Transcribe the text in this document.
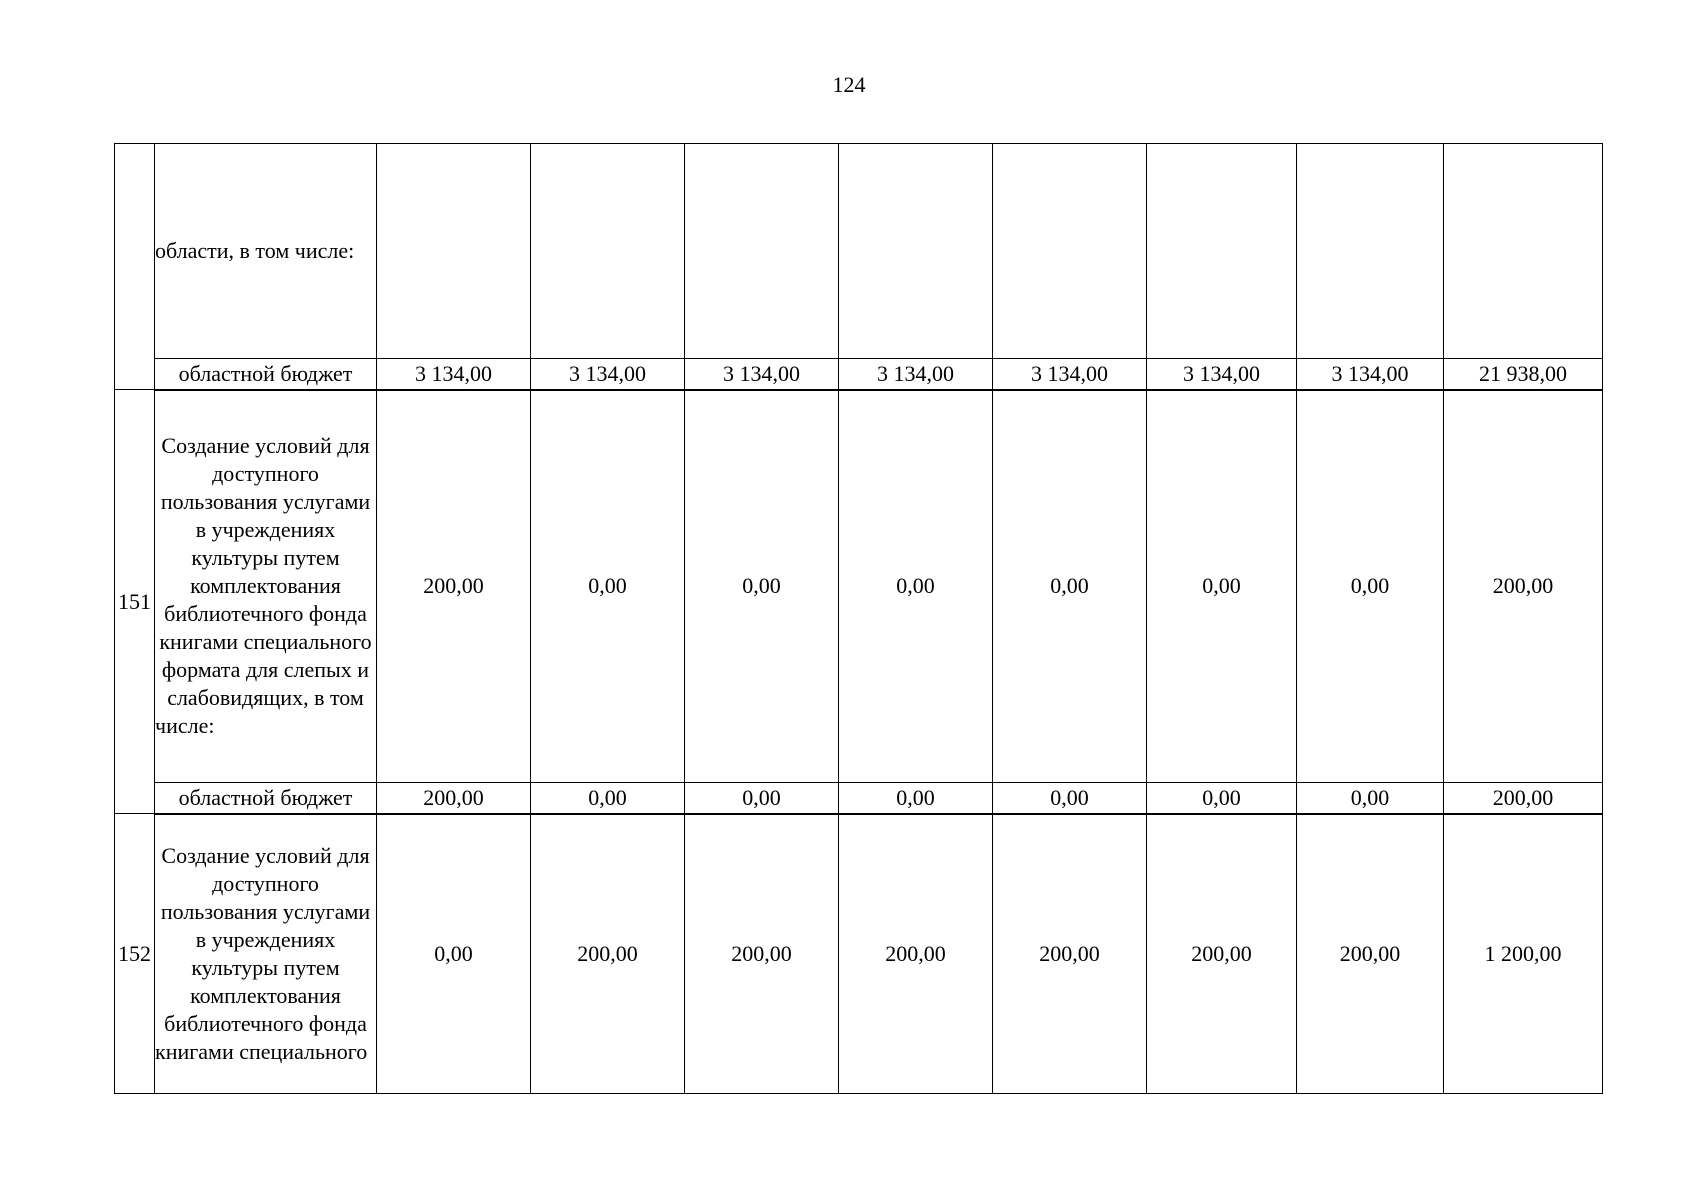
124

	области, в том числе:								

	областной бюджет	3 134,00	3 134,00	3 134,00	3 134,00	3 134,00	3 134,00	3 134,00	21 938,00
151	Создание условий для доступного пользования услугами в учреждениях культуры путем комплектования библиотечного фонда книгами специального формата для слепых и слабовидящих, в том числе:	200,00	0,00	0,00	0,00	0,00	0,00	0,00	200,00
	областной бюджет	200,00	0,00	0,00	0,00	0,00	0,00	0,00	200,00
152	Создание условий для доступного пользования услугами в учреждениях культуры путем комплектования библиотечного фонда книгами специального	0,00	200,00	200,00	200,00	200,00	200,00	200,00	1 200,00
